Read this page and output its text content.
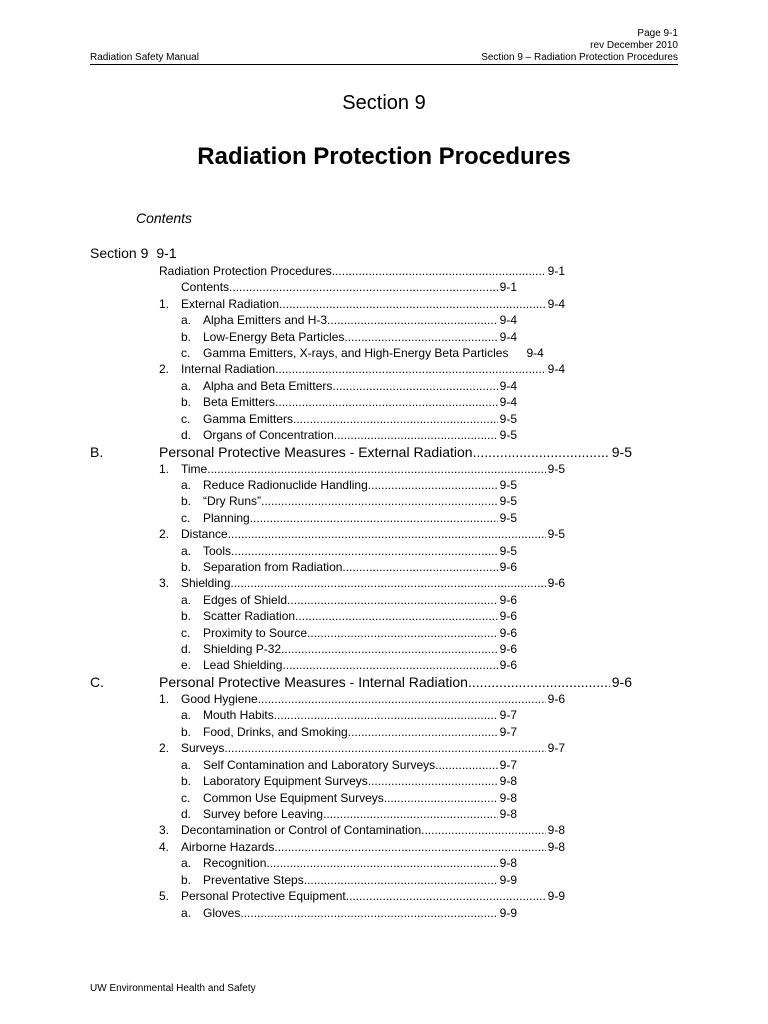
Page 9-1
rev December 2010
Radiation Safety Manual	Section 9 – Radiation Protection Procedures
Section 9
Radiation Protection Procedures
Contents
Section 9 9-1
Radiation Protection Procedures .....	9-1
Contents .....	9-1
1. External Radiation .....	9-4
a. Alpha Emitters and H-3 .....	9-4
b. Low-Energy Beta Particles .....	9-4
c. Gamma Emitters, X-rays, and High-Energy Beta Particles 9-4
2. Internal Radiation .....	9-4
a. Alpha and Beta Emitters .....	9-4
b. Beta Emitters .....	9-4
c. Gamma Emitters .....	9-5
d. Organs of Concentration .....	9-5
B.	Personal Protective Measures - External Radiation .....	9-5
1. Time .....	9-5
a. Reduce Radionuclide Handling .....	9-5
b. “Dry Runs” .....	9-5
c. Planning .....	9-5
2. Distance .....	9-5
a. Tools .....	9-5
b. Separation from Radiation .....	9-6
3. Shielding .....	9-6
a. Edges of Shield .....	9-6
b. Scatter Radiation .....	9-6
c. Proximity to Source .....	9-6
d. Shielding P-32 .....	9-6
e. Lead Shielding .....	9-6
C.	Personal Protective Measures - Internal Radiation .....	9-6
1. Good Hygiene .....	9-6
a. Mouth Habits .....	9-7
b. Food, Drinks, and Smoking .....	9-7
2. Surveys .....	9-7
a. Self Contamination and Laboratory Surveys .....	9-7
b. Laboratory Equipment Surveys .....	9-8
c. Common Use Equipment Surveys .....	9-8
d. Survey before Leaving .....	9-8
3. Decontamination or Control of Contamination .....	9-8
4. Airborne Hazards .....	9-8
a. Recognition .....	9-8
b. Preventative Steps .....	9-9
5. Personal Protective Equipment .....	9-9
a. Gloves .....	9-9
UW Environmental Health and Safety
